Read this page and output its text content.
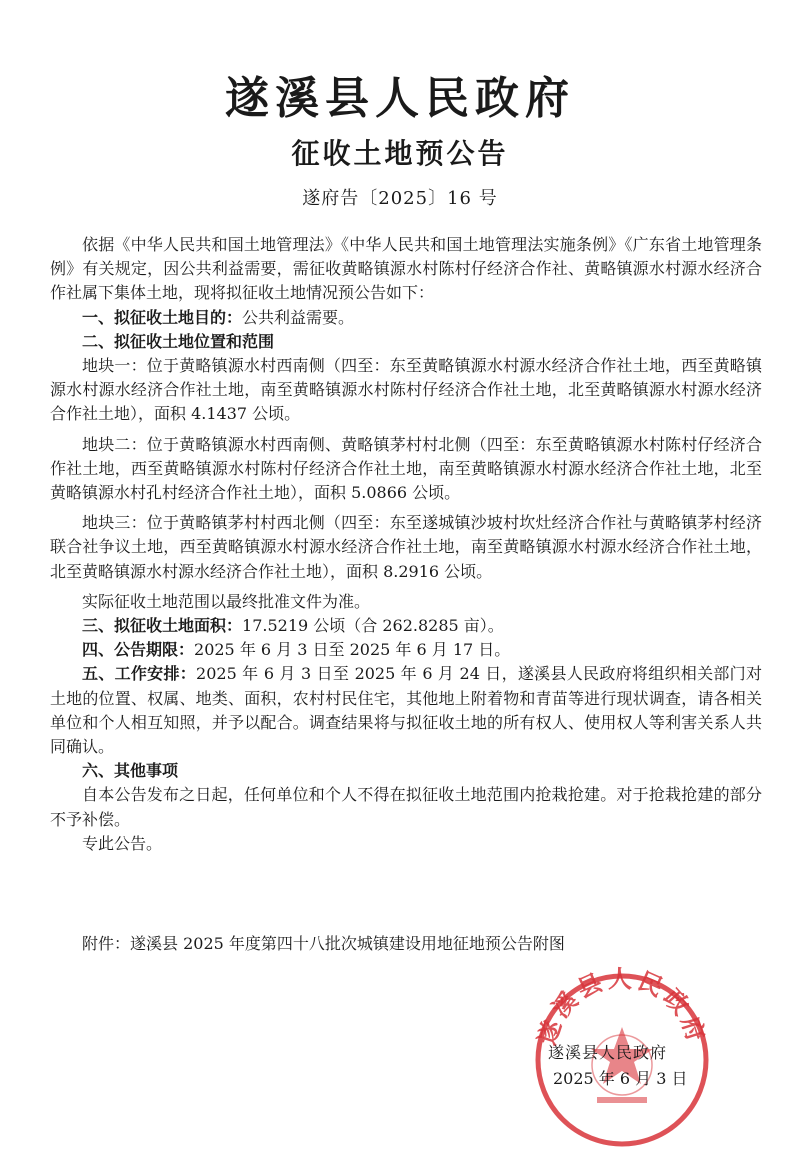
遂溪县人民政府
征收土地预公告
遂府告〔2025〕16 号

依据《中华人民共和国土地管理法》《中华人民共和国土地管理法实施条例》《广东省土地管理条例》有关规定，因公共利益需要，需征收黄略镇源水村陈村仔经济合作社、黄略镇源水村源水经济合作社属下集体土地，现将拟征收土地情况预公告如下：

一、拟征收土地目的：公共利益需要。

二、拟征收土地位置和范围

地块一：位于黄略镇源水村西南侧（四至：东至黄略镇源水村源水经济合作社土地，西至黄略镇源水村源水经济合作社土地，南至黄略镇源水村陈村仔经济合作社土地，北至黄略镇源水村源水经济合作社土地），面积 4.1437 公顷。

地块二：位于黄略镇源水村西南侧、黄略镇茅村村北侧（四至：东至黄略镇源水村陈村仔经济合作社土地，西至黄略镇源水村陈村仔经济合作社土地，南至黄略镇源水村源水经济合作社土地，北至黄略镇源水村孔村经济合作社土地），面积 5.0866 公顷。

地块三：位于黄略镇茅村村西北侧（四至：东至遂城镇沙坡村坎灶经济合作社与黄略镇茅村经济联合社争议土地，西至黄略镇源水村源水经济合作社土地，南至黄略镇源水村源水经济合作社土地，北至黄略镇源水村源水经济合作社土地），面积 8.2916 公顷。

实际征收土地范围以最终批准文件为准。

三、拟征收土地面积：17.5219 公顷（合 262.8285 亩）。

四、公告期限：2025 年 6 月 3 日至 2025 年 6 月 17 日。

五、工作安排：2025 年 6 月 3 日至 2025 年 6 月 24 日，遂溪县人民政府将组织相关部门对土地的位置、权属、地类、面积，农村村民住宅，其他地上附着物和青苗等进行现状调查，请各相关单位和个人相互知照，并予以配合。调查结果将与拟征收土地的所有权人、使用权人等利害关系人共同确认。

六、其他事项

自本公告发布之日起，任何单位和个人不得在拟征收土地范围内抢栽抢建。对于抢栽抢建的部分不予补偿。

专此公告。

附件：遂溪县 2025 年度第四十八批次城镇建设用地征地预公告附图
遂溪县人民政府
遂溪县人民政府
2025 年 6 月 3 日
